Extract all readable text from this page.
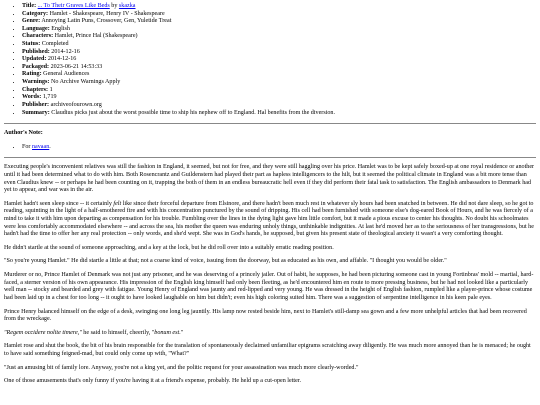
• Title: ... To Their Graves Like Beds by skazka
• Category: Hamlet - Shakespeare, Henry IV - Shakespeare
• Genre: Annoying Latin Puns, Crossover, Gen, Yuletide Treat
• Language: English
• Characters: Hamlet, Prince Hal (Shakespeare)
• Status: Completed
• Published: 2014-12-16
• Updated: 2014-12-16
• Packaged: 2023-06-21 14:53:33
• Rating: General Audiences
• Warnings: No Archive Warnings Apply
• Chapters: 1
• Words: 1,719
• Publisher: archiveofourown.org
• Summary: Claudius picks just about the worst possible time to ship his nephew off to England. Hal benefits from the diversion.
Author's Note:
• For navaan.

Executing people's inconvenient relatives was still the fashion in England, it seemed, but not for free, and they were still haggling over his price. Hamlet was to be kept safely boxed-up at one royal residence or another until it had been determined what to do with him. Both Rosencrantz and Guildenstern had played their part as hapless intelligencers to the hilt, but it seemed the political climate in England was a bit more tense than even Claudius knew -- or perhaps he had been counting on it, trapping the both of them in an endless bureaucratic hell even if they did perform their fatal task to satisfaction. The English ambassadors to Denmark had yet to appear, and war was in the air.

Hamlet hadn't seen sleep since -- it certainly felt like since their forceful departure from Elsinore, and there hadn't been much rest in whatever sly hours had been snatched in between. He did not dare sleep, so he got to reading, squinting in the light of a half-smothered fire and with his concentration punctured by the sound of dripping. His cell had been furnished with someone else's dog-eared Book of Hours, and he was fiercely of a mind to take it with him upon departing as compensation for his trouble. Fumbling over the lines in the dying light gave him little comfort, but it made a pious excuse to center his thoughts. No doubt his schoolmates were less comfortably accommodated elsewhere -- and across the sea, his mother the queen was enduring unholy things, unthinkable indignities. At last he'd moved her as to the seriousness of her transgressions, but he hadn't had the time to offer her any real protection -- only words, and she'd wept. She was in God's hands, he supposed, but given his present state of theological anxiety it wasn't a very comforting thought.

He didn't startle at the sound of someone approaching, and a key at the lock, but he did roll over into a suitably erratic reading position.

"So you're young Hamlet." He did startle a little at that; not a coarse kind of voice, issuing from the doorway, but as educated as his own, and affable. "I thought you would be older."

Murderer or no, Prince Hamlet of Denmark was not just any prisoner, and he was deserving of a princely jailer. Out of habit, he supposes, he had been picturing someone cast in young Fortinbras' mold -- martial, hard-faced, a sterner version of his own appearance. His impression of the English king himself had only been fleeting, as he'd encountered him en route to more pressing business, but he had not looked like a particularly well man -- stocky and bearded and grey with fatigue. Young Henry of England was jaunty and red-lipped and very young. He was dressed in the height of English fashion, rumpled like a player-prince whose costume had been laid up in a chest for too long -- it ought to have looked laughable on him but didn't; even his high coloring suited him. There was a suggestion of serpentine intelligence in his keen pale eyes.

Prince Henry balanced himself on the edge of a desk, swinging one long leg jauntily. His lamp now rested beside him, next to Hamlet's still-damp sea gown and a few more unhelpful articles that had been recovered from the wreckage.

"Regem occidere nolite timere," he said to himself, cheerily, "bonum est."

Hamlet rose and shut the book, the bit of his brain responsible for the translation of spontaneously declaimed unfamiliar epigrams scratching away diligently. He was much more annoyed than he is menaced; he ought to have said something feigned-mad, but could only come up with, "What?"

"Just an amusing bit of family lore. Anyway, you're not a king yet, and the politic request for your assassination was much more clearly-worded."

One of those amusements that's only funny if you're having it at a friend's expense, probably. He held up a cut-open letter.
